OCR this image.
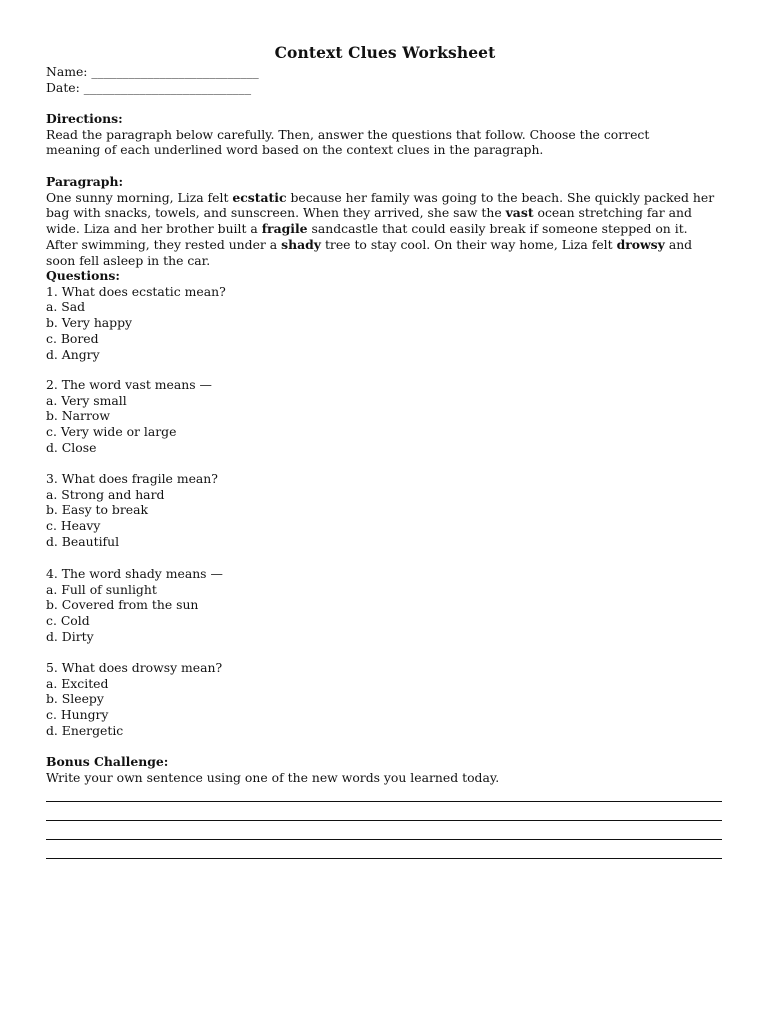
Context Clues Worksheet
Name: ___________________________
Date: ___________________________
Directions:
Read the paragraph below carefully. Then, answer the questions that follow. Choose the correct meaning of each underlined word based on the context clues in the paragraph.
Paragraph:
One sunny morning, Liza felt ecstatic because her family was going to the beach. She quickly packed her bag with snacks, towels, and sunscreen. When they arrived, she saw the vast ocean stretching far and wide. Liza and her brother built a fragile sandcastle that could easily break if someone stepped on it. After swimming, they rested under a shady tree to stay cool. On their way home, Liza felt drowsy and soon fell asleep in the car.
Questions:
1. What does ecstatic mean?
a. Sad
b. Very happy
c. Bored
d. Angry
2. The word vast means —
a. Very small
b. Narrow
c. Very wide or large
d. Close
3. What does fragile mean?
a. Strong and hard
b. Easy to break
c. Heavy
d. Beautiful
4. The word shady means —
a. Full of sunlight
b. Covered from the sun
c. Cold
d. Dirty
5. What does drowsy mean?
a. Excited
b. Sleepy
c. Hungry
d. Energetic
Bonus Challenge:
Write your own sentence using one of the new words you learned today.
